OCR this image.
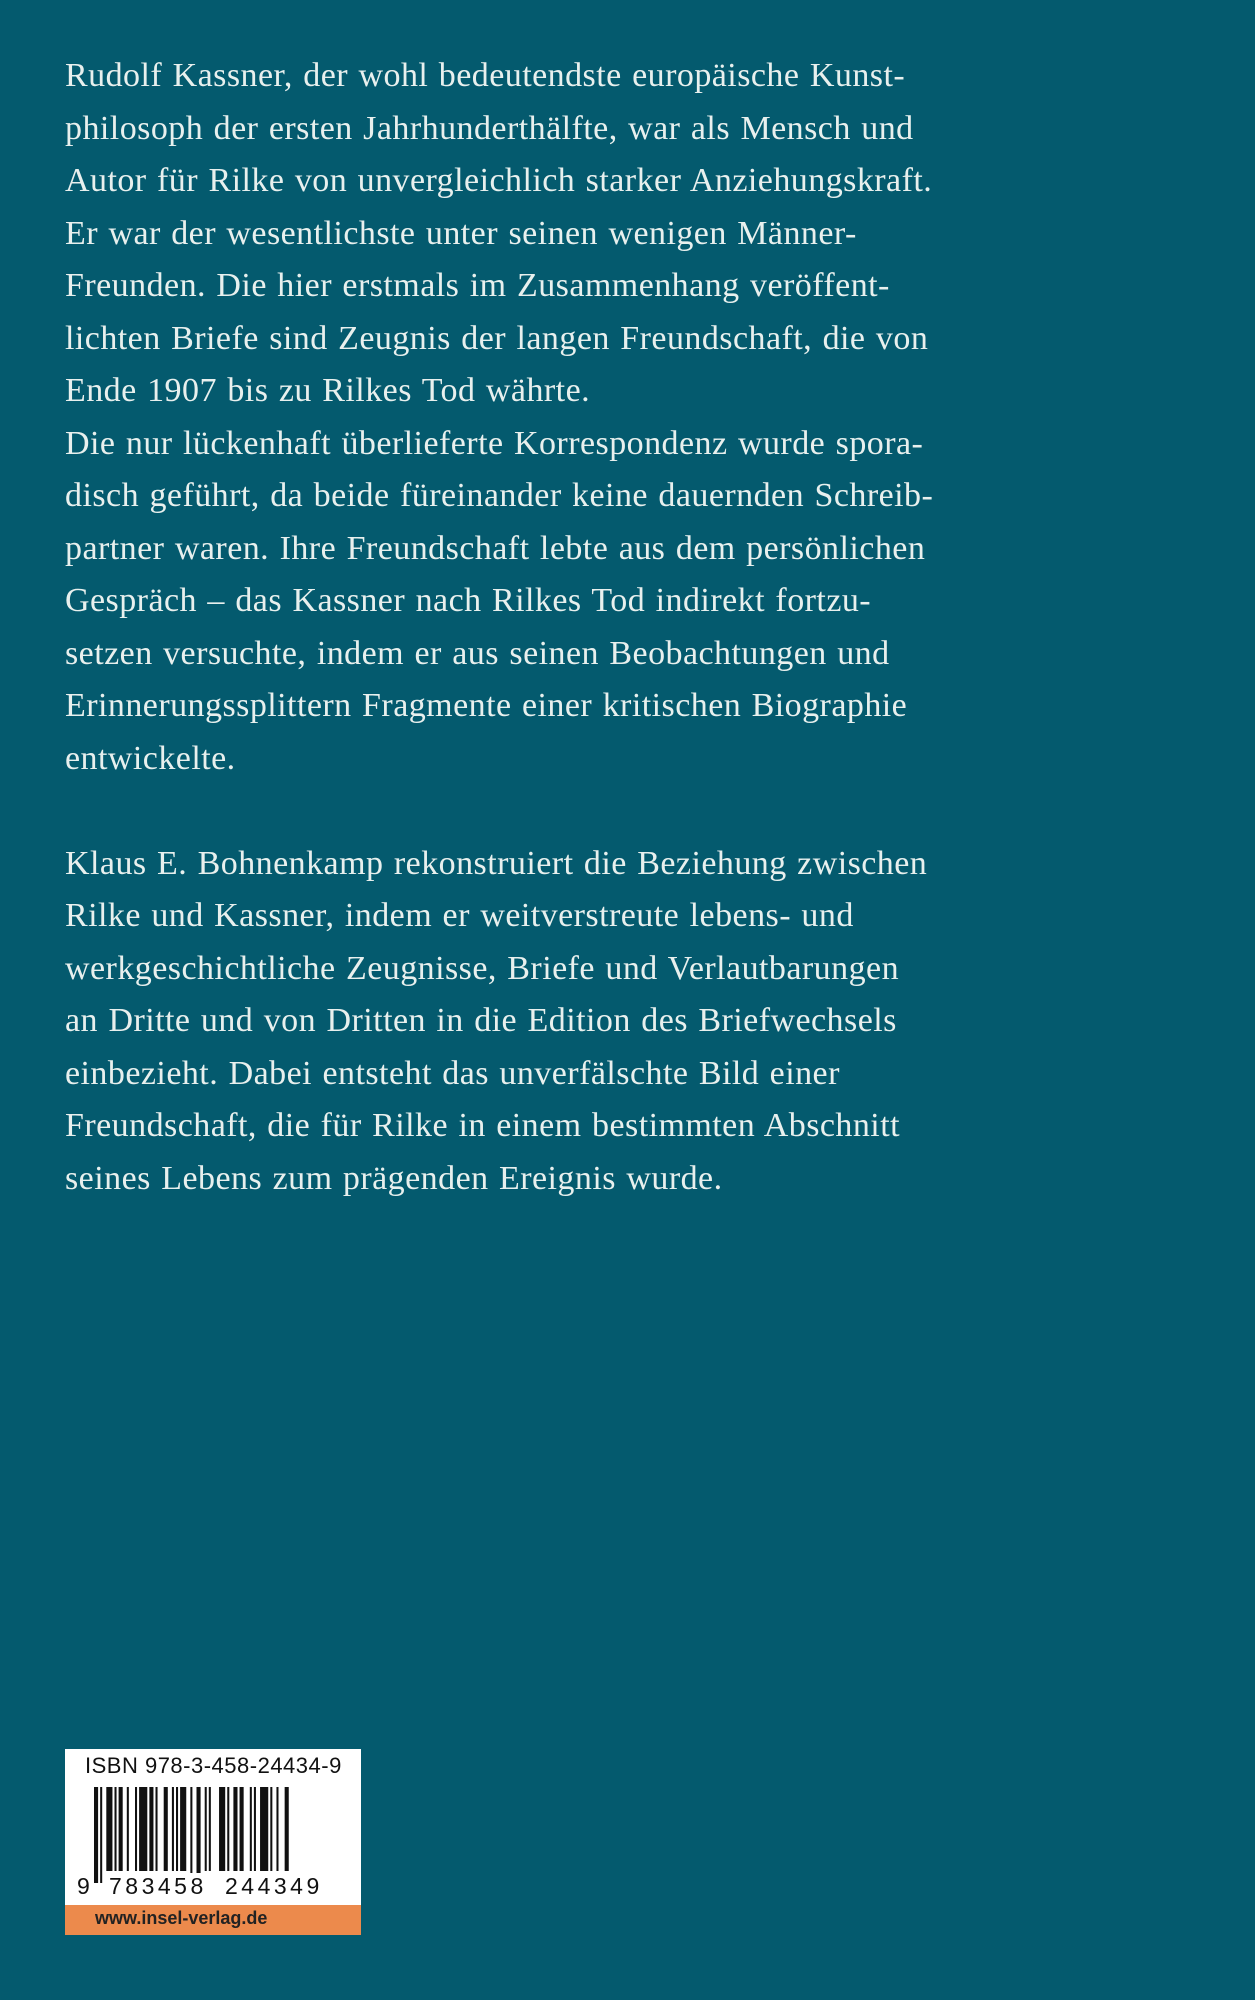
Rudolf Kassner, der wohl bedeutendste europäische Kunst-
philosoph der ersten Jahrhunderthälfte, war als Mensch und
Autor für Rilke von unvergleichlich starker Anziehungskraft.
Er war der wesentlichste unter seinen wenigen Männer-
Freunden. Die hier erstmals im Zusammenhang veröffent-
lichten Briefe sind Zeugnis der langen Freundschaft, die von
Ende 1907 bis zu Rilkes Tod währte.
Die nur lückenhaft überlieferte Korrespondenz wurde spora-
disch geführt, da beide füreinander keine dauernden Schreib-
partner waren. Ihre Freundschaft lebte aus dem persönlichen
Gespräch – das Kassner nach Rilkes Tod indirekt fortzu-
setzen versuchte, indem er aus seinen Beobachtungen und
Erinnerungssplittern Fragmente einer kritischen Biographie
entwickelte.
Klaus E. Bohnenkamp rekonstruiert die Beziehung zwischen
Rilke und Kassner, indem er weitverstreute lebens- und
werkgeschichtliche Zeugnisse, Briefe und Verlautbarungen
an Dritte und von Dritten in die Edition des Briefwechsels
einbezieht. Dabei entsteht das unverfälschte Bild einer
Freundschaft, die für Rilke in einem bestimmten Abschnitt
seines Lebens zum prägenden Ereignis wurde.
ISBN 978-3-458-24434-9
9 783458 244349
www.insel-verlag.de
